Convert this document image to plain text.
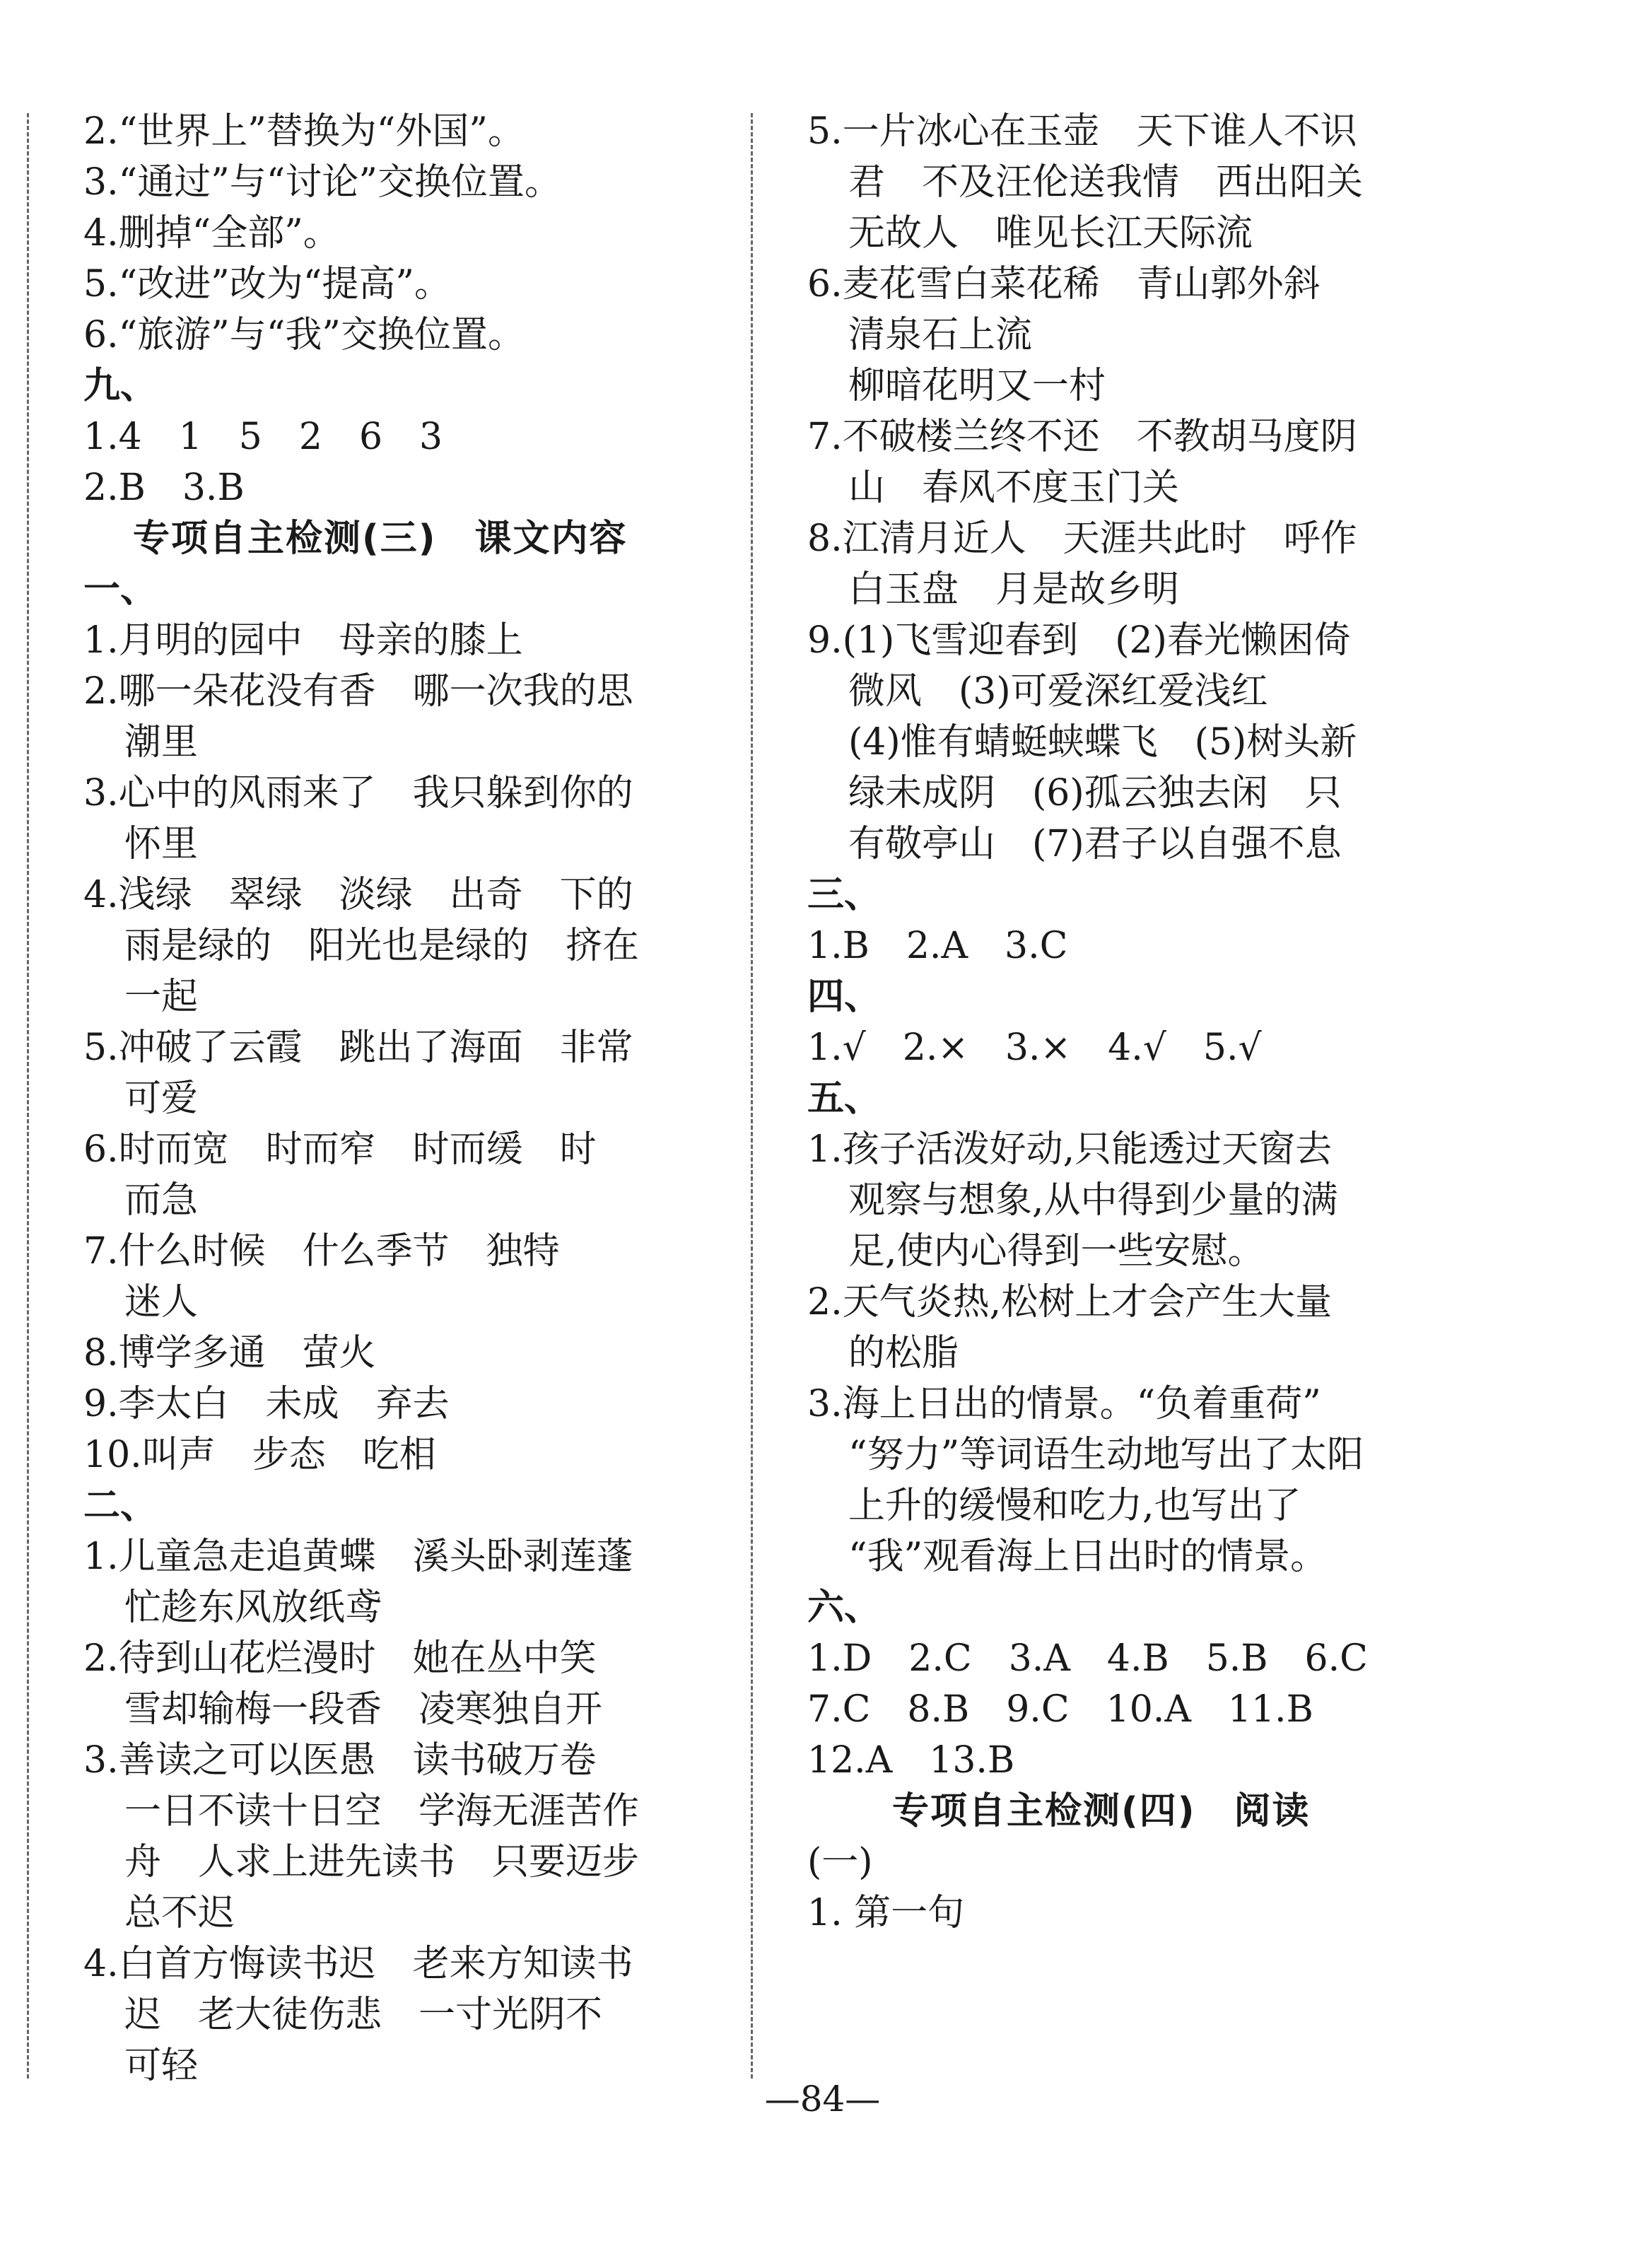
2.“世界上”替换为“外国”。
3.“通过”与“讨论”交换位置。
4.删掉“全部”。
5.“改进”改为“提高”。
6.“旅游”与“我”交换位置。
九、
1.4　1　5　2　6　3
2.B　3.B
专项自主检测(三)　课文内容
一、
1.月明的园中　母亲的膝上
2.哪一朵花没有香　哪一次我的思
潮里
3.心中的风雨来了　我只躲到你的
怀里
4.浅绿　翠绿　淡绿　出奇　下的
雨是绿的　阳光也是绿的　挤在
一起
5.冲破了云霞　跳出了海面　非常
可爱
6.时而宽　时而窄　时而缓　时
而急
7.什么时候　什么季节　独特
迷人
8.博学多通　萤火
9.李太白　未成　弃去
10.叫声　步态　吃相
二、
1.儿童急走追黄蝶　溪头卧剥莲蓬
忙趁东风放纸鸢
2.待到山花烂漫时　她在丛中笑
雪却输梅一段香　凌寒独自开
3.善读之可以医愚　读书破万卷
一日不读十日空　学海无涯苦作
舟　人求上进先读书　只要迈步
总不迟
4.白首方悔读书迟　老来方知读书
迟　老大徒伤悲　一寸光阴不
可轻
5.一片冰心在玉壶　天下谁人不识
君　不及汪伦送我情　西出阳关
无故人　唯见长江天际流
6.麦花雪白菜花稀　青山郭外斜
清泉石上流
柳暗花明又一村
7.不破楼兰终不还　不教胡马度阴
山　春风不度玉门关
8.江清月近人　天涯共此时　呼作
白玉盘　月是故乡明
9.(1)飞雪迎春到　(2)春光懒困倚
微风　(3)可爱深红爱浅红
(4)惟有蜻蜓蛱蝶飞　(5)树头新
绿未成阴　(6)孤云独去闲　只
有敬亭山　(7)君子以自强不息
三、
1.B　2.A　3.C
四、
1.√　2.×　3.×　4.√　5.√
五、
1.孩子活泼好动,只能透过天窗去
观察与想象,从中得到少量的满
足,使内心得到一些安慰。
2.天气炎热,松树上才会产生大量
的松脂
3.海上日出的情景。“负着重荷”
“努力”等词语生动地写出了太阳
上升的缓慢和吃力,也写出了
“我”观看海上日出时的情景。
六、
1.D　2.C　3.A　4.B　5.B　6.C
7.C　8.B　9.C　10.A　11.B
12.A　13.B
专项自主检测(四)　阅读
(一)
1. 第一句
—84—
